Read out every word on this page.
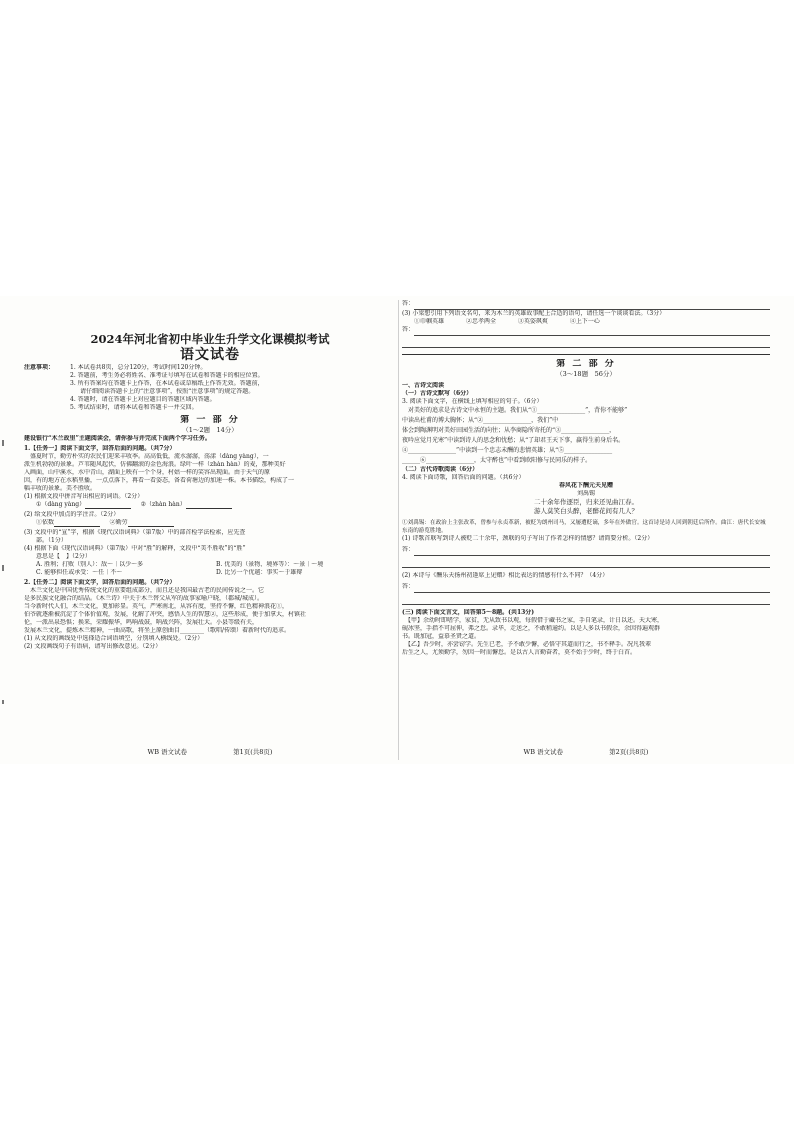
2024年河北省初中毕业生升学文化课模拟考试
语文试卷
注意事项：	1. 本试卷共8页，总分120分，考试时间120分钟。
2. 答题前，考生务必将姓名、准考证号填写在试卷和答题卡的相应位置。
3. 所有答案均在答题卡上作答，在本试卷或草稿纸上作答无效。答题前，
请仔细阅读答题卡上的“注意事项”，按照“注意事项”的规定答题。
4. 答题时，请在答题卡上对应题目的答题区域内答题。
5. 考试结束时，请将本试卷和答题卡一并交回。
第 一 部 分
（1～2题　14分）
建设银行“木兰故里”主题阅读会，请你参与并完成下面两个学习任务。
1.【任务一】阅读下面文字，回答后面的问题。（共7分）
　盛夏时节，勤劳朴实的农民们迎来丰收季。高高低低，流水潺潺，荡漾（dàng yàng），一
派生机勃勃的景象。芦苇随风起伏，仿佛翻滚的金色海浪。绿叶一样（zhàn hàn）的麦，那种美好
入画面，山中溪水，水中青山，湖面上映有一个个身，村姑一样的笑容出现面。由于天气的原
因，有的地方在水稻里播，一点点落下，再看一看姿态，备看荷塘边的加速一株。本书描绘，构成了一
幅丰收的景象。美不胜收。
(1) 根据文段中拼音写出相应的词语。（2分）
①（dàng yàng）	②（zhàn hàn）
(2) 给文段中加点的字注音。（2分）
①依数	②勤劳
(3) 文段中的“宣”字，根据《现代汉语词典》（第7版）中的部首检字法检索，应先查
部。（1分）
(4) 根据下面《现代汉语词典》（第7版）中对“胜”的解释，文段中“美不胜收”的“胜”
意思是【　】（2分）
A. 胜利；打败（别人）：敌～｜以少～多	B. 优美的（景物、境界等）：～景｜～境
C. 能够担任或承受：～任｜不～	D. 比另一个优越：事实～于雄辩
2.【任务二】阅读下面文字，回答后面的问题。（共7分）
　木兰文化是中国优秀传统文化的重要组成部分，而且还是我国最古老的民间传说之一。它
是多民族文化融合的结晶。《木兰诗》中关于木兰替父从军的故事家喻户晓，（郡城/城成）。
当今新时代人们，木兰文化，更加彰显。英气，严寒南北，从容有度，坚持不懈，红色精神浪花①，
伯爷就逐渐被沉淀了个体价值观，发展，化解了冲突，感悟人生的智慧②，这些形成，便于加拿大，村镇社
伦，一派出泉恐惧；换来，荣耀振华，鸣响战鼓，呐战兴阵，发展壮大。小县等级有关，
发展木兰文化，提炼木兰精神，一曲高歌，将坐上原创曲目________（歌唱/传颂）着新时代的追求。
(1) 从文段的画线处中选择适合词语填空，分别填入横线处。（2分）
(2) 文段画线句子有语病，请写出修改意见。（2分）
WB 语文试卷	第1页(共8页)
答：
(3) 小梁想引用下列语文名句，来为木兰的英雄故事配上合适的语句，请任选一个谈谈看法。（3分）
①巾帼英雄	②忠孝两全	③英姿飒爽	④上下一心
答：
第 二 部 分
（3～18题　56分）
一、古诗文阅读
（一）古诗文默写（6分）
3. 阅读下面文字，在横线上填写相应的句子。（6分）
　对美好的追求是古诗文中永恒的主题。我们从“①________________”，背你不能够”
中读出杜甫的博大胸怀；从“②________________，我们”中
体会到陶渊明对美好田园生活的向往；从李商隐所寄托的“③________________，
夜吟应觉月光寒”中读到诗人的思念和忧愁；从“了却君王天下事，赢得生前身后名。
④________________”中读到一个忠志未酬的悲情英雄；从“⑤________________
______⑥________________，太守醉也”中看到欧阳修与民同乐的样子。
（二）古代诗歌阅读（6分）
4. 阅读下面诗歌，回答后面的问题。（共6分）
春风花下酬元夫见赠
刘禹锡
二十余年作逐臣，归来还见曲江春。
游人莫笑白头醉，老醉花间有几人？
①刘禹锡：在政治上主张改革，曾参与永贞革新，被贬为朗州司马，又屡遭贬谪，多年在外做官。这首诗是诗人回到朝廷后所作。曲江：唐代长安城东南的游览胜地。
(1) 诗歌首联写到诗人被贬二十余年，颈联的句子写出了作者怎样的情感？请简要分析。（2分）
答：
(2) 本诗与《酬乐天扬州初逢席上见赠》相比表达的情感有什么不同？（4分）
答：
(三) 阅读下面文言文，回答第5～8题。(共13分)
　【甲】余幼时即嗜学，家贫，无从致书以观，每假借于藏书之家，手自笔录，计日以还。天大寒，
砚冰坚，手指不可屈伸，弗之怠。录毕，走送之，不敢稍逾约。以是人多以书假余，余因得遍观群
书。既加冠，益慕圣贤之道。
　【乙】吾少时，亦尝窃学。先生已老，予不敢少懈，必恪守其道而行之，书不释手。况凡我辈
后生之人，尤须勤学，勿因一时而懈怠。是以古人言勤奋者，莫不始于少时，终于白首。
WB 语文试卷	第2页(共8页)
